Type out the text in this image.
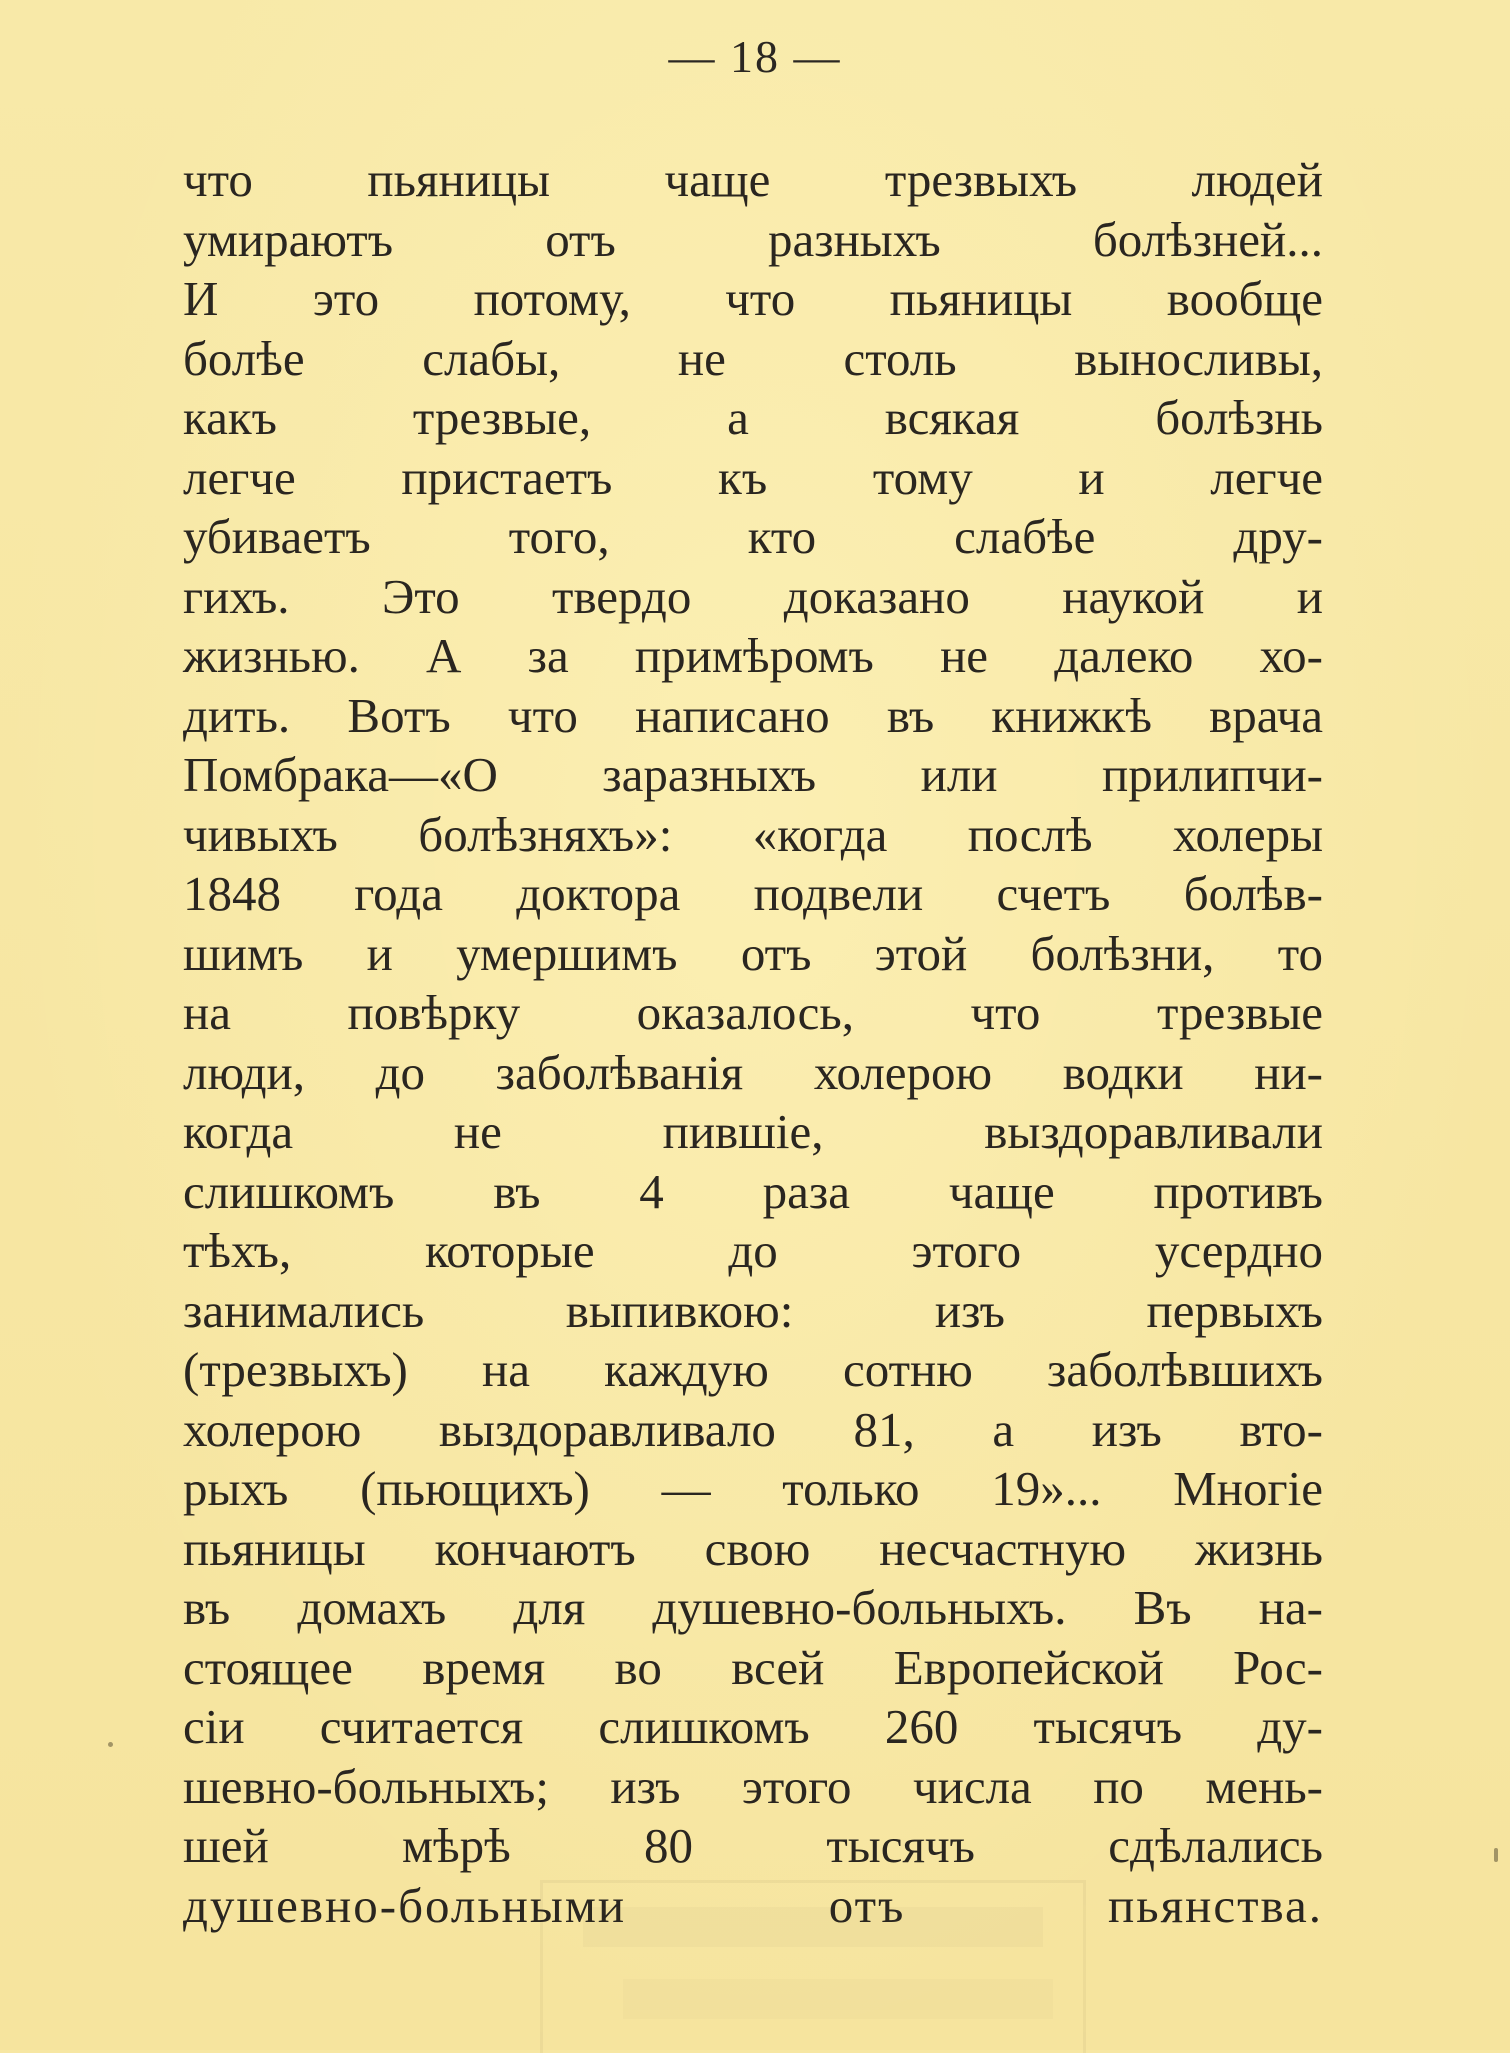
— 18 —
что пьяницы чаще трезвыхъ людей
умираютъ отъ разныхъ болѣзней...
И это потому, что пьяницы вообще
болѣе слабы, не столь выносливы,
какъ трезвые, а всякая болѣзнь
легче пристаетъ къ тому и легче
убиваетъ того, кто слабѣе дру-
гихъ. Это твердо доказано наукой и
жизнью. А за примѣромъ не далеко хо-
дить. Вотъ что написано въ книжкѣ врача
Помбрака—«О заразныхъ или прилипчи-
чивыхъ болѣзняхъ»: «когда послѣ холеры
1848 года доктора подвели счетъ болѣв-
шимъ и умершимъ отъ этой болѣзни, то
на повѣрку оказалось, что трезвые
люди, до заболѣванія холерою водки ни-
когда не пившіе, выздоравливали
слишкомъ въ 4 раза чаще противъ
тѣхъ, которые до этого усердно
занимались выпивкою: изъ первыхъ
(трезвыхъ) на каждую сотню заболѣвшихъ
холерою выздоравливало 81, а изъ вто-
рыхъ (пьющихъ) — только 19»... Многіе
пьяницы кончаютъ свою несчастную жизнь
въ домахъ для душевно-больныхъ. Въ на-
стоящее время во всей Европейской Рос-
сіи считается слишкомъ 260 тысячъ ду-
шевно-больныхъ; изъ этого числа по мень-
шей мѣрѣ 80 тысячъ сдѣлались
душевно-больными отъ пьянства.
